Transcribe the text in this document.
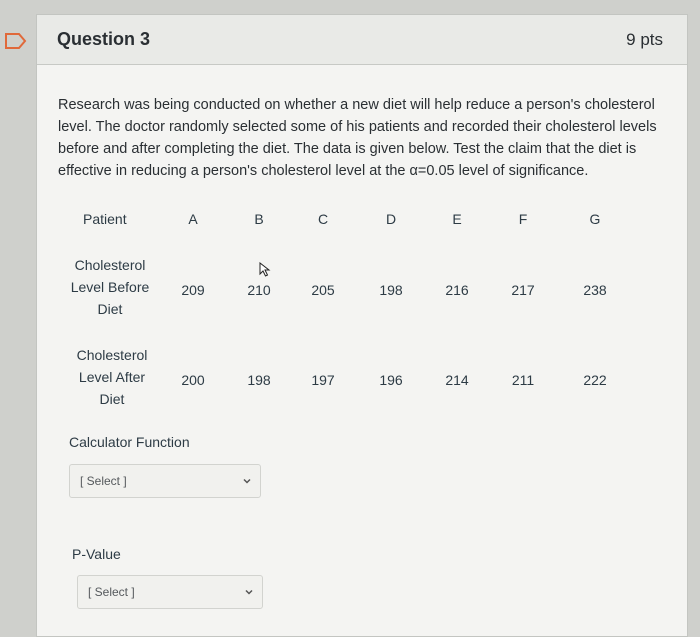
Question 3	9 pts
Research was being conducted on whether a new diet will help reduce a person's cholesterol level. The doctor randomly selected some of his patients and recorded their cholesterol levels before and after completing the diet. The data is given below. Test the claim that the diet is effective in reducing a person's cholesterol level at the α=0.05 level of significance.
Patient	A	B	C	D	E	F	G
Cholesterol
Level Before
Diet
209	210	205	198	216	217	238
Cholesterol
Level After
Diet
200	198	197	196	214	211	222
Calculator Function
[ Select ]
P-Value
[ Select ]
